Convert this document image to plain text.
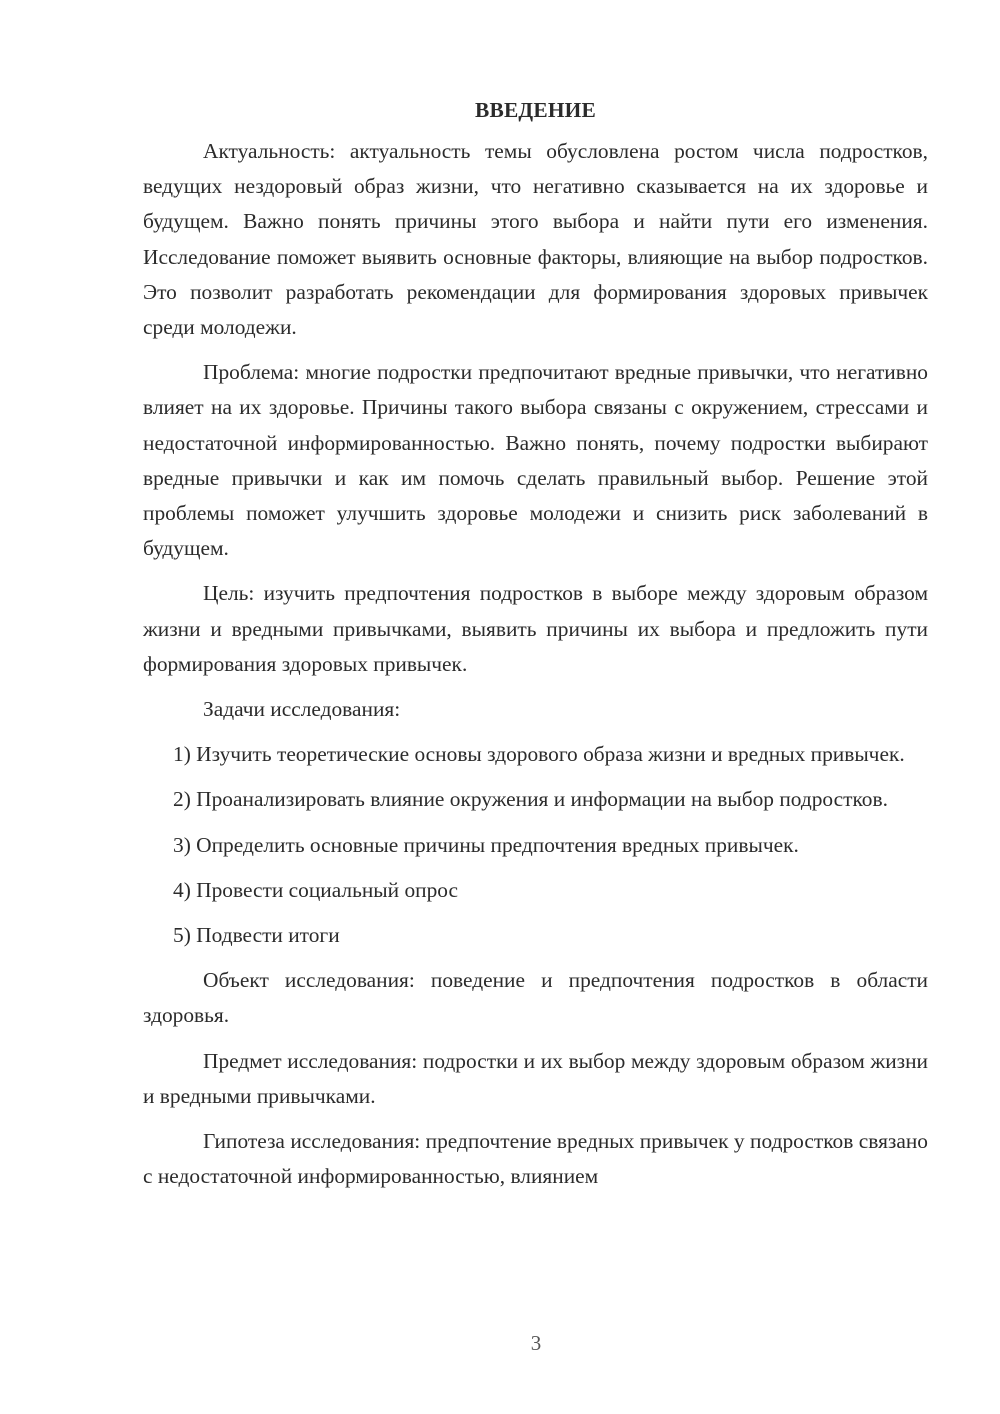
ВВЕДЕНИЕ

Актуальность: актуальность темы обусловлена ростом числа подростков, ведущих нездоровый образ жизни, что негативно сказывается на их здоровье и будущем. Важно понять причины этого выбора и найти пути его изменения. Исследование поможет выявить основные факторы, влияющие на выбор подростков. Это позволит разработать рекомендации для формирования здоровых привычек среди молодежи.

Проблема: многие подростки предпочитают вредные привычки, что негативно влияет на их здоровье. Причины такого выбора связаны с окружением, стрессами и недостаточной информированностью. Важно понять, почему подростки выбирают вредные привычки и как им помочь сделать правильный выбор. Решение этой проблемы поможет улучшить здоровье молодежи и снизить риск заболеваний в будущем.

Цель: изучить предпочтения подростков в выборе между здоровым образом жизни и вредными привычками, выявить причины их выбора и предложить пути формирования здоровых привычек.

Задачи исследования:

1) Изучить теоретические основы здорового образа жизни и вредных привычек.

2) Проанализировать влияние окружения и информации на выбор подростков.

3) Определить основные причины предпочтения вредных привычек.

4) Провести социальный опрос

5) Подвести итоги

Объект исследования: поведение и предпочтения подростков в области здоровья.

Предмет исследования: подростки и их выбор между здоровым образом жизни и вредными привычками.

Гипотеза исследования: предпочтение вредных привычек у подростков связано с недостаточной информированностью, влиянием

3
